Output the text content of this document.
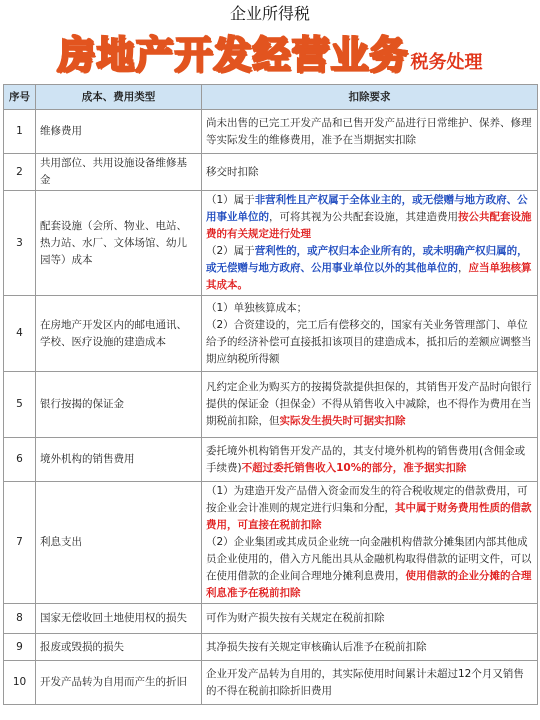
企业所得税
房地产开发经营业务 税务处理
序号	成本、费用类型	扣除要求
1	维修费用	尚未出售的已完工开发产品和已售开发产品进行日常维护、保养、修理等实际发生的维修费用，准予在当期据实扣除
2	共用部位、共用设施设备维修基金	移交时扣除
3	配套设施（会所、物业、电站、热力站、水厂、文体场馆、幼儿园等）成本	（1）属于非营利性且产权属于全体业主的，或无偿赠与地方政府、公用事业单位的，可将其视为公共配套设施，其建造费用按公共配套设施费的有关规定进行处理
（2）属于营利性的，或产权归本企业所有的，或未明确产权归属的，或无偿赠与地方政府、公用事业单位以外的其他单位的，应当单独核算其成本。
4	在房地产开发区内的邮电通讯、学校、医疗设施的建造成本	（1）单独核算成本；
（2）合资建设的，完工后有偿移交的，国家有关业务管理部门、单位给予的经济补偿可直接抵扣该项目的建造成本，抵扣后的差额应调整当期应纳税所得额
5	银行按揭的保证金	凡约定企业为购买方的按揭贷款提供担保的，其销售开发产品时向银行提供的保证金（担保金）不得从销售收入中减除，也不得作为费用在当期税前扣除，但实际发生损失时可据实扣除
6	境外机构的销售费用	委托境外机构销售开发产品的，其支付境外机构的销售费用(含佣金或手续费)不超过委托销售收入10%的部分，准予据实扣除
7	利息支出	（1）为建造开发产品借入资金而发生的符合税收规定的借款费用，可按企业会计准则的规定进行归集和分配，其中属于财务费用性质的借款费用，可直接在税前扣除
（2）企业集团或其成员企业统一向金融机构借款分摊集团内部其他成员企业使用的，借入方凡能出具从金融机构取得借款的证明文件，可以在使用借款的企业间合理地分摊利息费用，使用借款的企业分摊的合理利息准予在税前扣除
8	国家无偿收回土地使用权的损失	可作为财产损失按有关规定在税前扣除
9	报废或毁损的损失	其净损失按有关规定审核确认后准予在税前扣除
10	开发产品转为自用而产生的折旧	企业开发产品转为自用的，其实际使用时间累计未超过12个月又销售的不得在税前扣除折旧费用
